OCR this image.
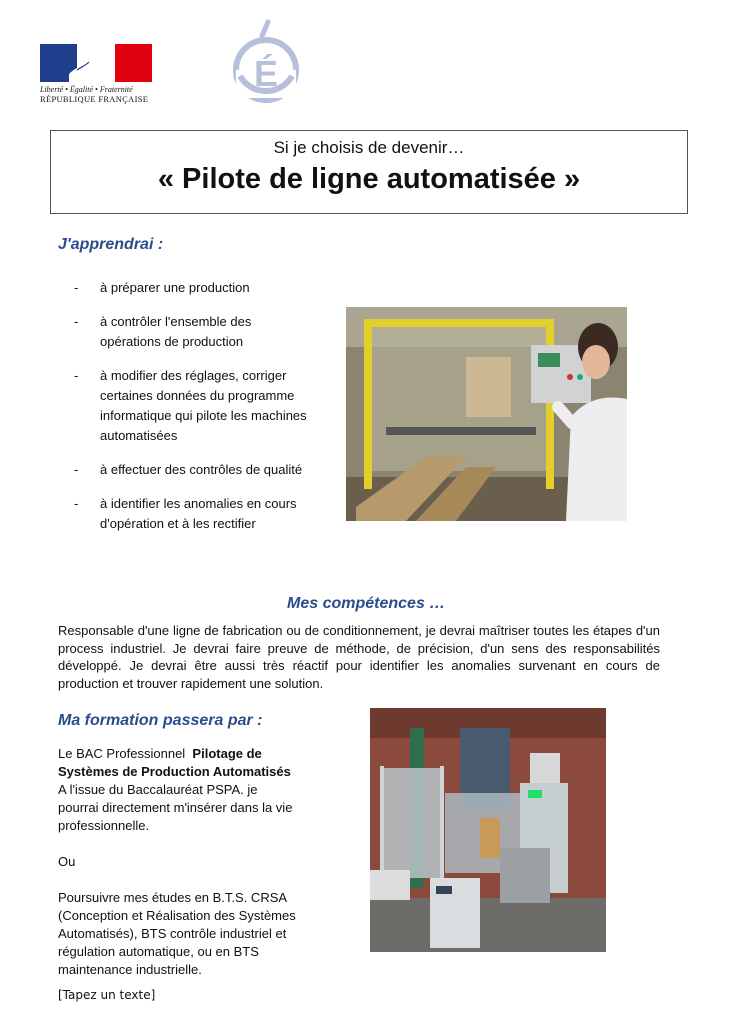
Liberté • Égalité • Fraternité
RÉPUBLIQUE FRANÇAISE
É
Si je choisis de devenir…
« Pilote de ligne automatisée »
J'apprendrai :
-	à préparer une production
-	à contrôler l'ensemble des opérations de production
-	à modifier des réglages, corriger certaines données du programme informatique qui pilote les machines automatisées
-	à effectuer des contrôles de qualité
-	à identifier les anomalies en cours d'opération et à les rectifier
Mes compétences …

Responsable d'une ligne de fabrication ou de conditionnement, je devrai maîtriser toutes les étapes d'un process industriel. Je devrai faire preuve de méthode, de précision, d'un sens des responsabilités développé. Je devrai être aussi très réactif pour identifier les anomalies survenant en cours de production et trouver rapidement une solution.

Ma formation passera par :

Le BAC Professionnel Pilotage de Systèmes de Production Automatisés

A l'issue du Baccalauréat PSPA. je pourrai directement m'insérer dans la vie professionnelle.

Ou

Poursuivre mes études en B.T.S. CRSA (Conception et Réalisation des Systèmes Automatisés), BTS contrôle industriel et régulation automatique, ou en BTS maintenance industrielle.

[Tapez un texte]
